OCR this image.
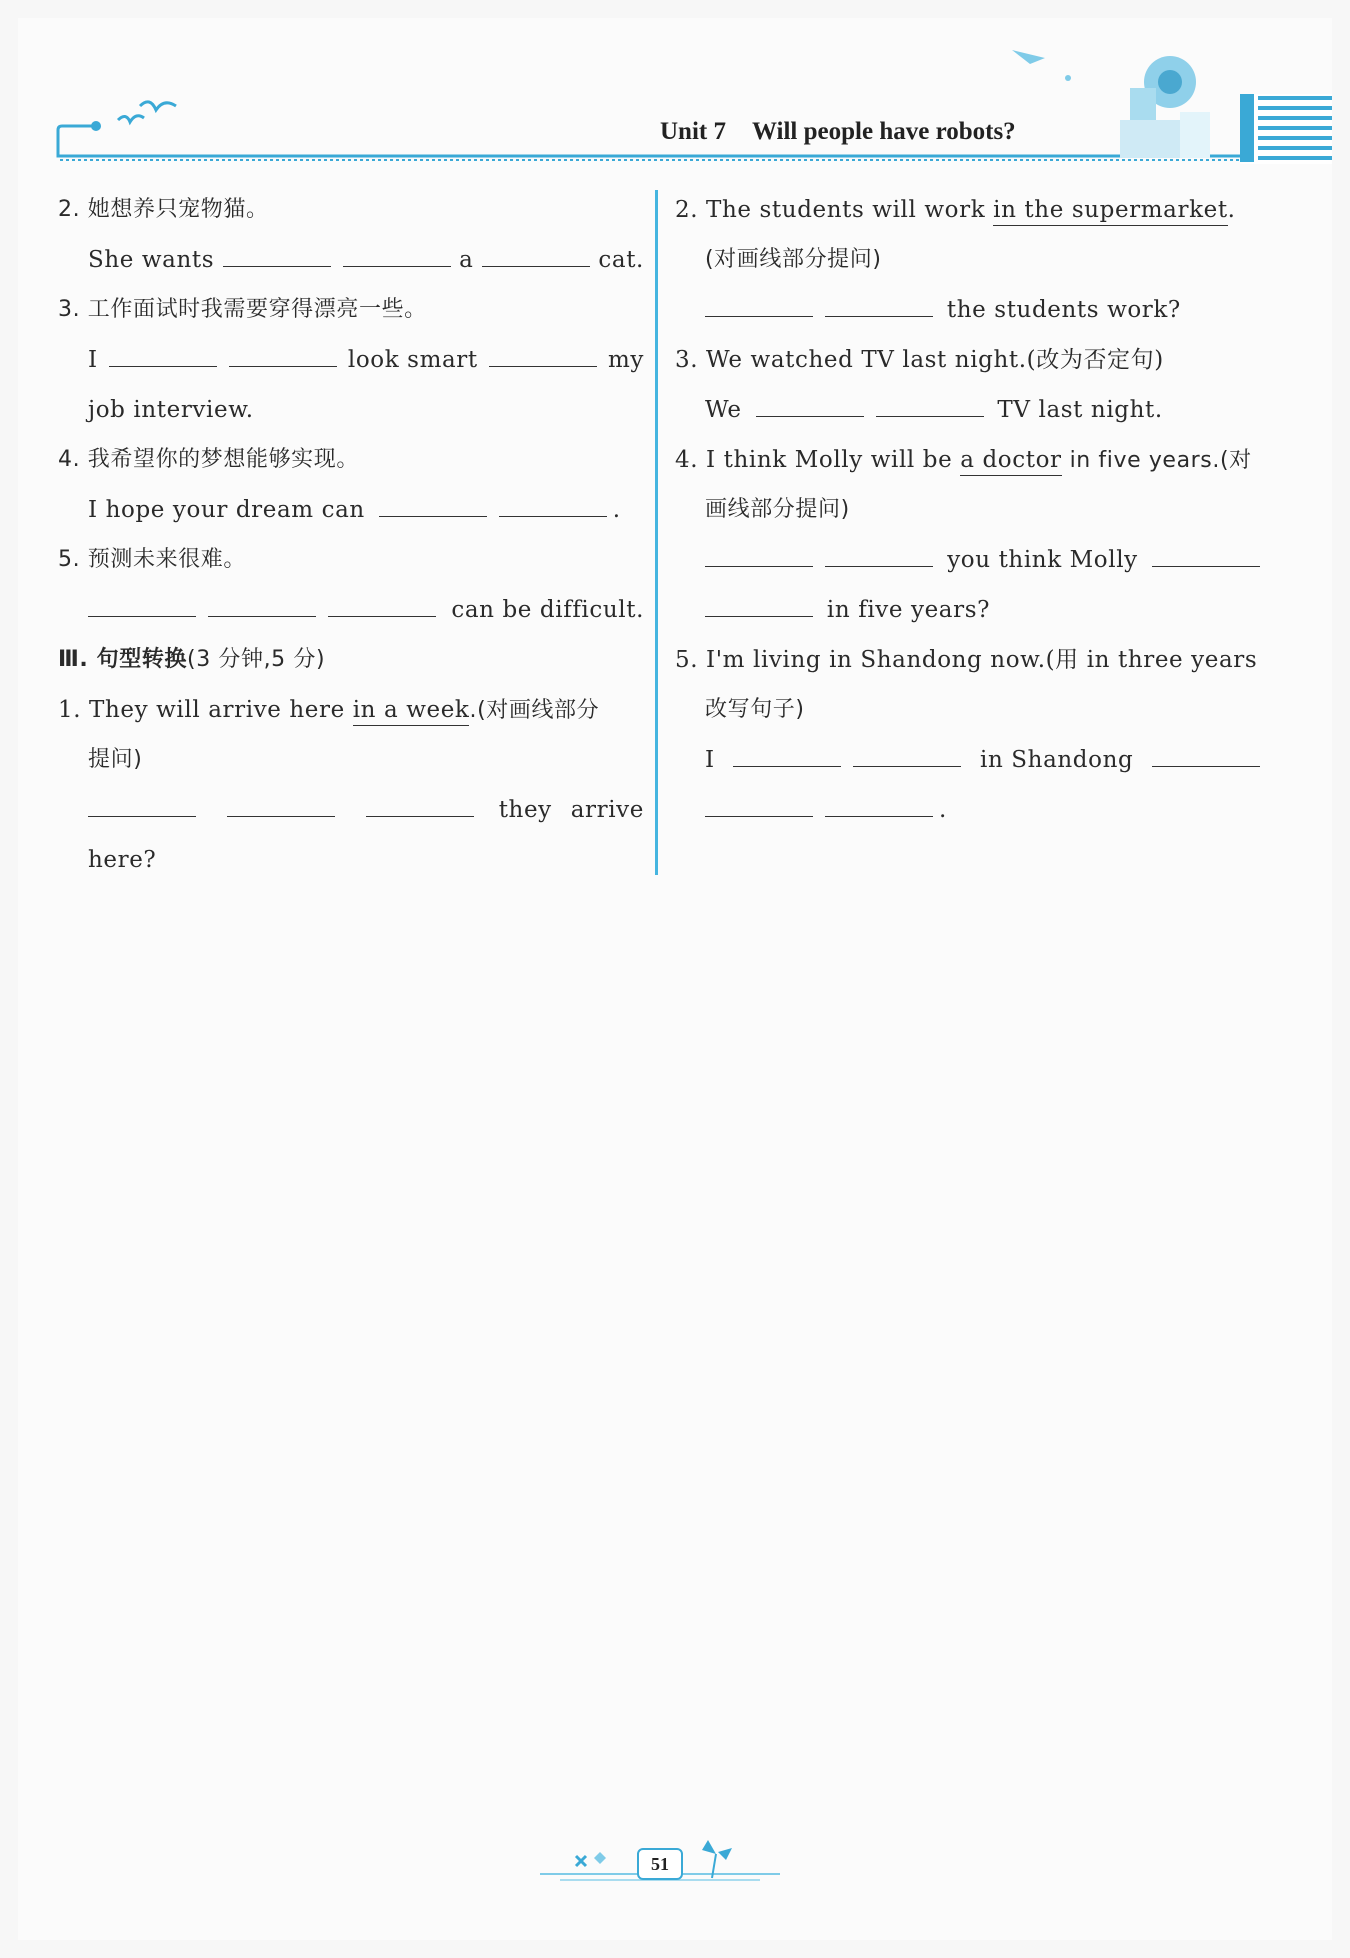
Unit 7 Will people have robots?
2. 她想养只宠物猫。
She wants	a	cat.
3. 工作面试时我需要穿得漂亮一些。
I	look smart	my
job interview.
4. 我希望你的梦想能够实现。
I hope your dream can	.
5. 预测未来很难。
can be difficult.
Ⅲ. 句型转换(3 分钟,5 分)
1. They will arrive here in a week.(对画线部分
提问)
they arrive
here?
2. The students will work in the supermarket.
(对画线部分提问)
the students work?
3. We watched TV last night.(改为否定句)
We	TV last night.
4. I think Molly will be a doctor in five years.(对
画线部分提问)
you think Molly
in five years?
5. I'm living in Shandong now.(用 in three years
改写句子)
I	in Shandong
.
51
